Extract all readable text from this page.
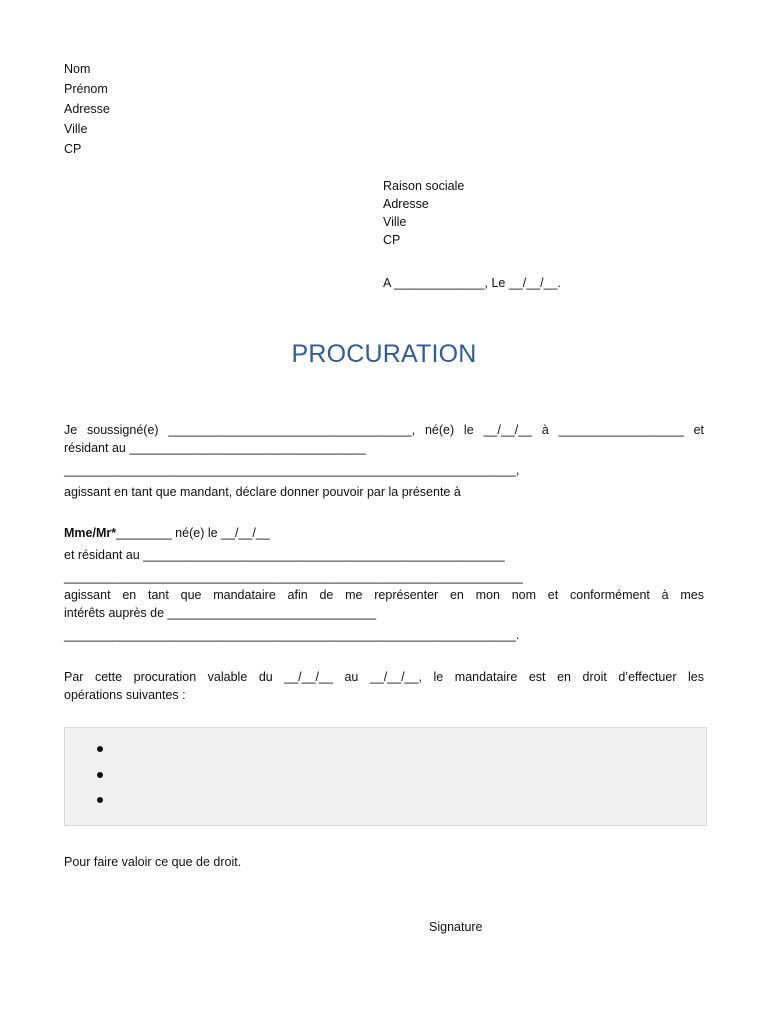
Nom
Prénom
Adresse
Ville
CP
Raison sociale
Adresse
Ville
CP
A _____________, Le __/__/__.
PROCURATION
Je soussigné(e) ___________________________________, né(e) le __/__/__ à __________________ et
résidant au __________________________________
_________________________________________________________________,
agissant en tant que mandant, déclare donner pouvoir par la présente à
Mme/Mr*________ né(e) le __/__/__
et résidant au ____________________________________________________
__________________________________________________________________
agissant en tant que mandataire afin de me représenter en mon nom et conformément à mes
intérêts auprès de ______________________________
_________________________________________________________________.
Par cette procuration valable du __/__/__ au __/__/__, le mandataire est en droit d’effectuer les
opérations suivantes :
Pour faire valoir ce que de droit.
Signature
